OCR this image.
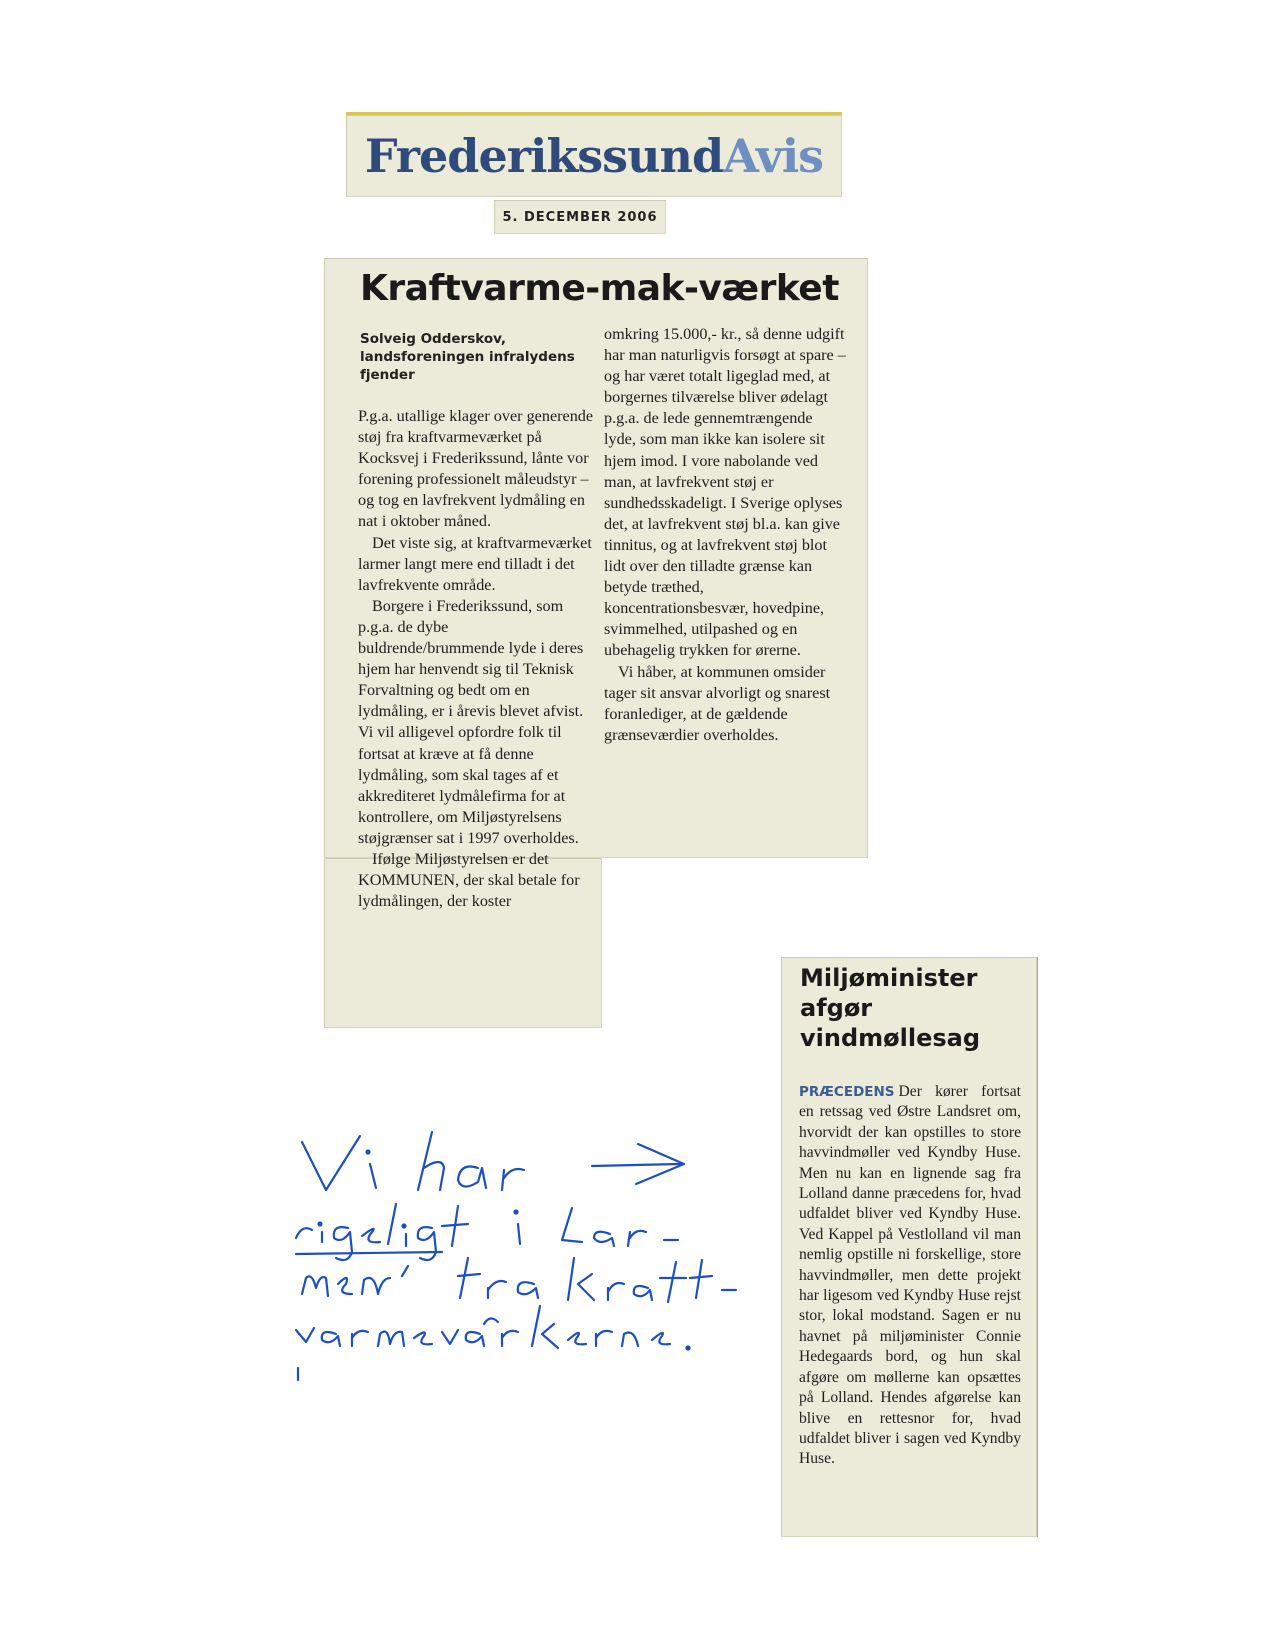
FrederikssundAvis
5. DECEMBER 2006
Kraftvarme-mak-værket
Solveig Odderskov, landsforeningen infralydens fjender

P.g.a. utallige klager over generende støj fra kraftvarmeværket på Kocksvej i Frederikssund, lånte vor forening professionelt måleudstyr – og tog en lavfrekvent lydmåling en nat i oktober måned.

Det viste sig, at kraftvarmeværket larmer langt mere end tilladt i det lavfrekvente område.

Borgere i Frederikssund, som p.g.a. de dybe buldrende/brummende lyde i deres hjem har henvendt sig til Teknisk Forvaltning og bedt om en lydmåling, er i årevis blevet afvist. Vi vil alligevel opfordre folk til fortsat at kræve at få denne lydmåling, som skal tages af et akkrediteret lydmålefirma for at kontrollere, om Miljøstyrelsens støjgrænser sat i 1997 overholdes.

Ifølge Miljøstyrelsen er det KOMMUNEN, der skal betale for lydmålingen, der koster

omkring 15.000,- kr., så denne udgift har man naturligvis forsøgt at spare – og har været totalt ligeglad med, at borgernes tilværelse bliver ødelagt p.g.a. de lede gennemtrængende lyde, som man ikke kan isolere sit hjem imod. I vore nabolande ved man, at lavfrekvent støj er sundhedsskadeligt. I Sverige oplyses det, at lavfrekvent støj bl.a. kan give tinnitus, og at lavfrekvent støj blot lidt over den tilladte grænse kan betyde træthed, koncentrationsbesvær, hovedpine, svimmelhed, utilpashed og en ubehagelig trykken for ørerne.

Vi håber, at kommunen omsider tager sit ansvar alvorligt og snarest foranlediger, at de gældende grænseværdier overholdes.

Miljøminister afgør vindmøllesag
PRÆCEDENS Der kører fortsat en retssag ved Østre Landsret om, hvorvidt der kan opstilles to store havvindmøller ved Kyndby Huse. Men nu kan en lignende sag fra Lolland danne præcedens for, hvad udfaldet bliver ved Kyndby Huse. Ved Kappel på Vestlolland vil man nemlig opstille ni forskellige, store havvindmøller, men dette projekt har ligesom ved Kyndby Huse rejst stor, lokal modstand. Sagen er nu havnet på miljøminister Connie Hedegaards bord, og hun skal afgøre om møllerne kan opsættes på Lolland. Hendes afgørelse kan blive en rettesnor for, hvad udfaldet bliver i sagen ved Kyndby Huse.
